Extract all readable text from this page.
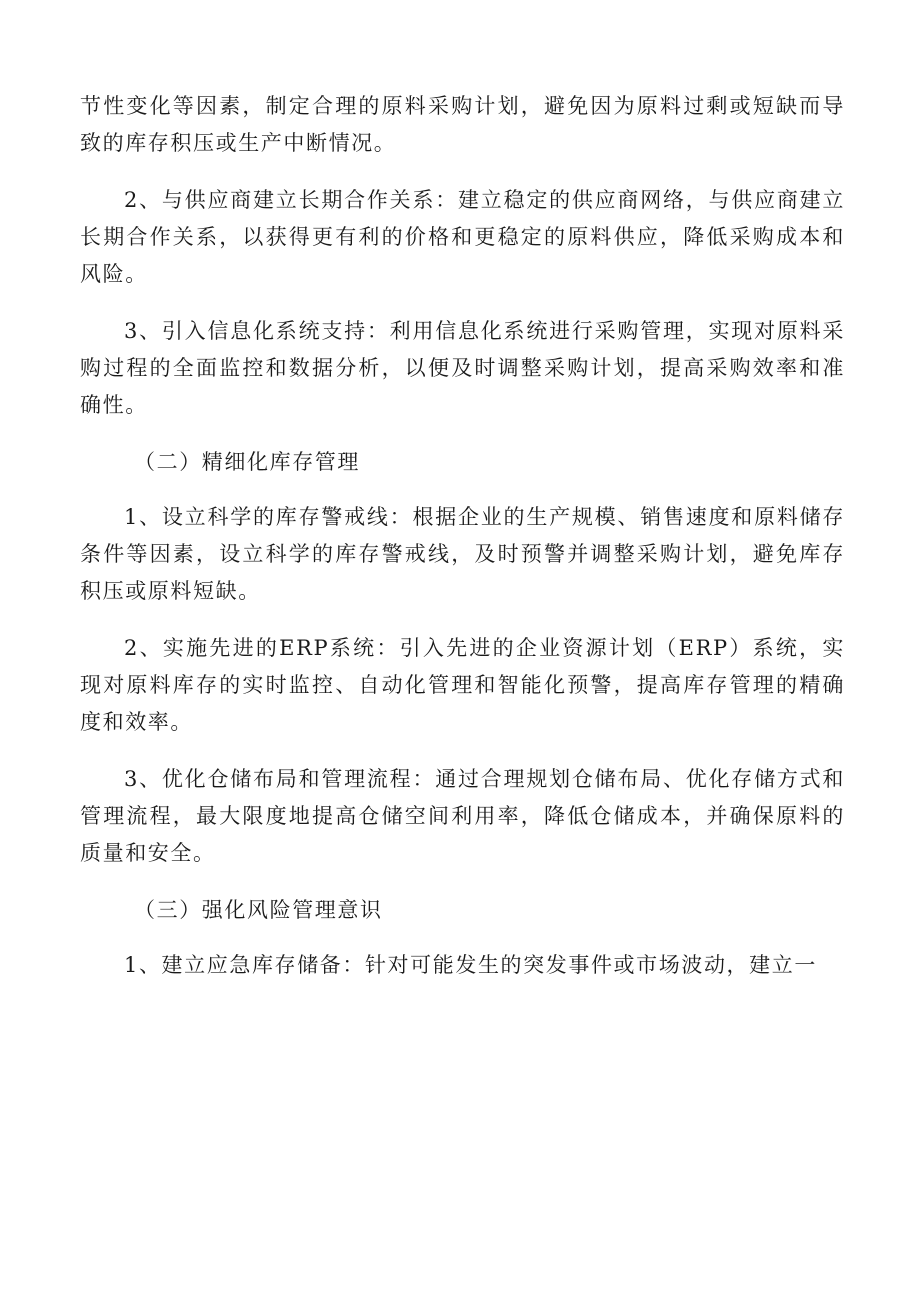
节性变化等因素，制定合理的原料采购计划，避免因为原料过剩或短缺而导致的库存积压或生产中断情况。

2、与供应商建立长期合作关系：建立稳定的供应商网络，与供应商建立长期合作关系，以获得更有利的价格和更稳定的原料供应，降低采购成本和风险。

3、引入信息化系统支持：利用信息化系统进行采购管理，实现对原料采购过程的全面监控和数据分析，以便及时调整采购计划，提高采购效率和准确性。

（二）精细化库存管理

1、设立科学的库存警戒线：根据企业的生产规模、销售速度和原料储存条件等因素，设立科学的库存警戒线，及时预警并调整采购计划，避免库存积压或原料短缺。

2、实施先进的ERP系统：引入先进的企业资源计划（ERP）系统，实现对原料库存的实时监控、自动化管理和智能化预警，提高库存管理的精确度和效率。

3、优化仓储布局和管理流程：通过合理规划仓储布局、优化存储方式和管理流程，最大限度地提高仓储空间利用率，降低仓储成本，并确保原料的质量和安全。

（三）强化风险管理意识

1、建立应急库存储备：针对可能发生的突发事件或市场波动，建立一
